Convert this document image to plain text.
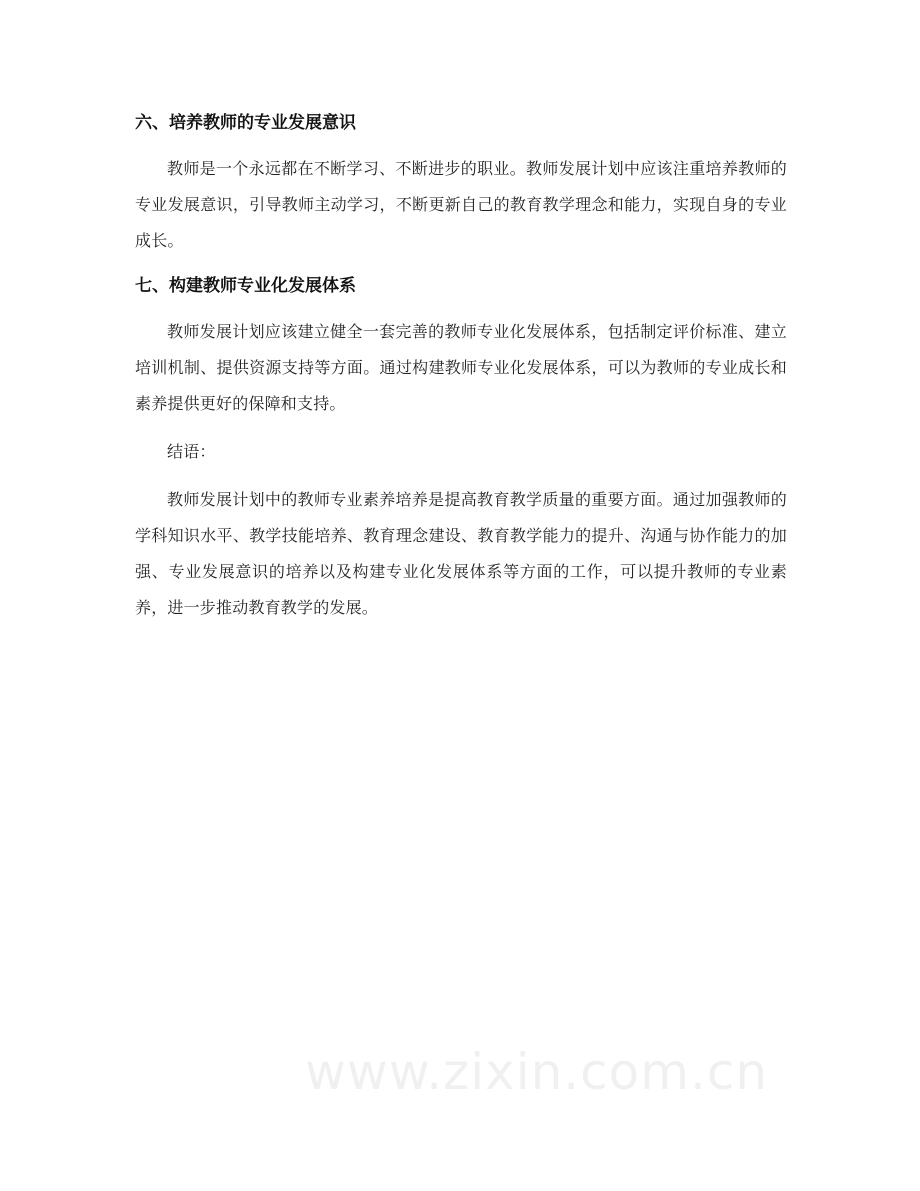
六、培养教师的专业发展意识

教师是一个永远都在不断学习、不断进步的职业。教师发展计划中应该注重培养教师的专业发展意识，引导教师主动学习，不断更新自己的教育教学理念和能力，实现自身的专业成长。

七、构建教师专业化发展体系

教师发展计划应该建立健全一套完善的教师专业化发展体系，包括制定评价标准、建立培训机制、提供资源支持等方面。通过构建教师专业化发展体系，可以为教师的专业成长和素养提供更好的保障和支持。

结语：

教师发展计划中的教师专业素养培养是提高教育教学质量的重要方面。通过加强教师的学科知识水平、教学技能培养、教育理念建设、教育教学能力的提升、沟通与协作能力的加强、专业发展意识的培养以及构建专业化发展体系等方面的工作，可以提升教师的专业素养，进一步推动教育教学的发展。

www.zixin.com.cn
